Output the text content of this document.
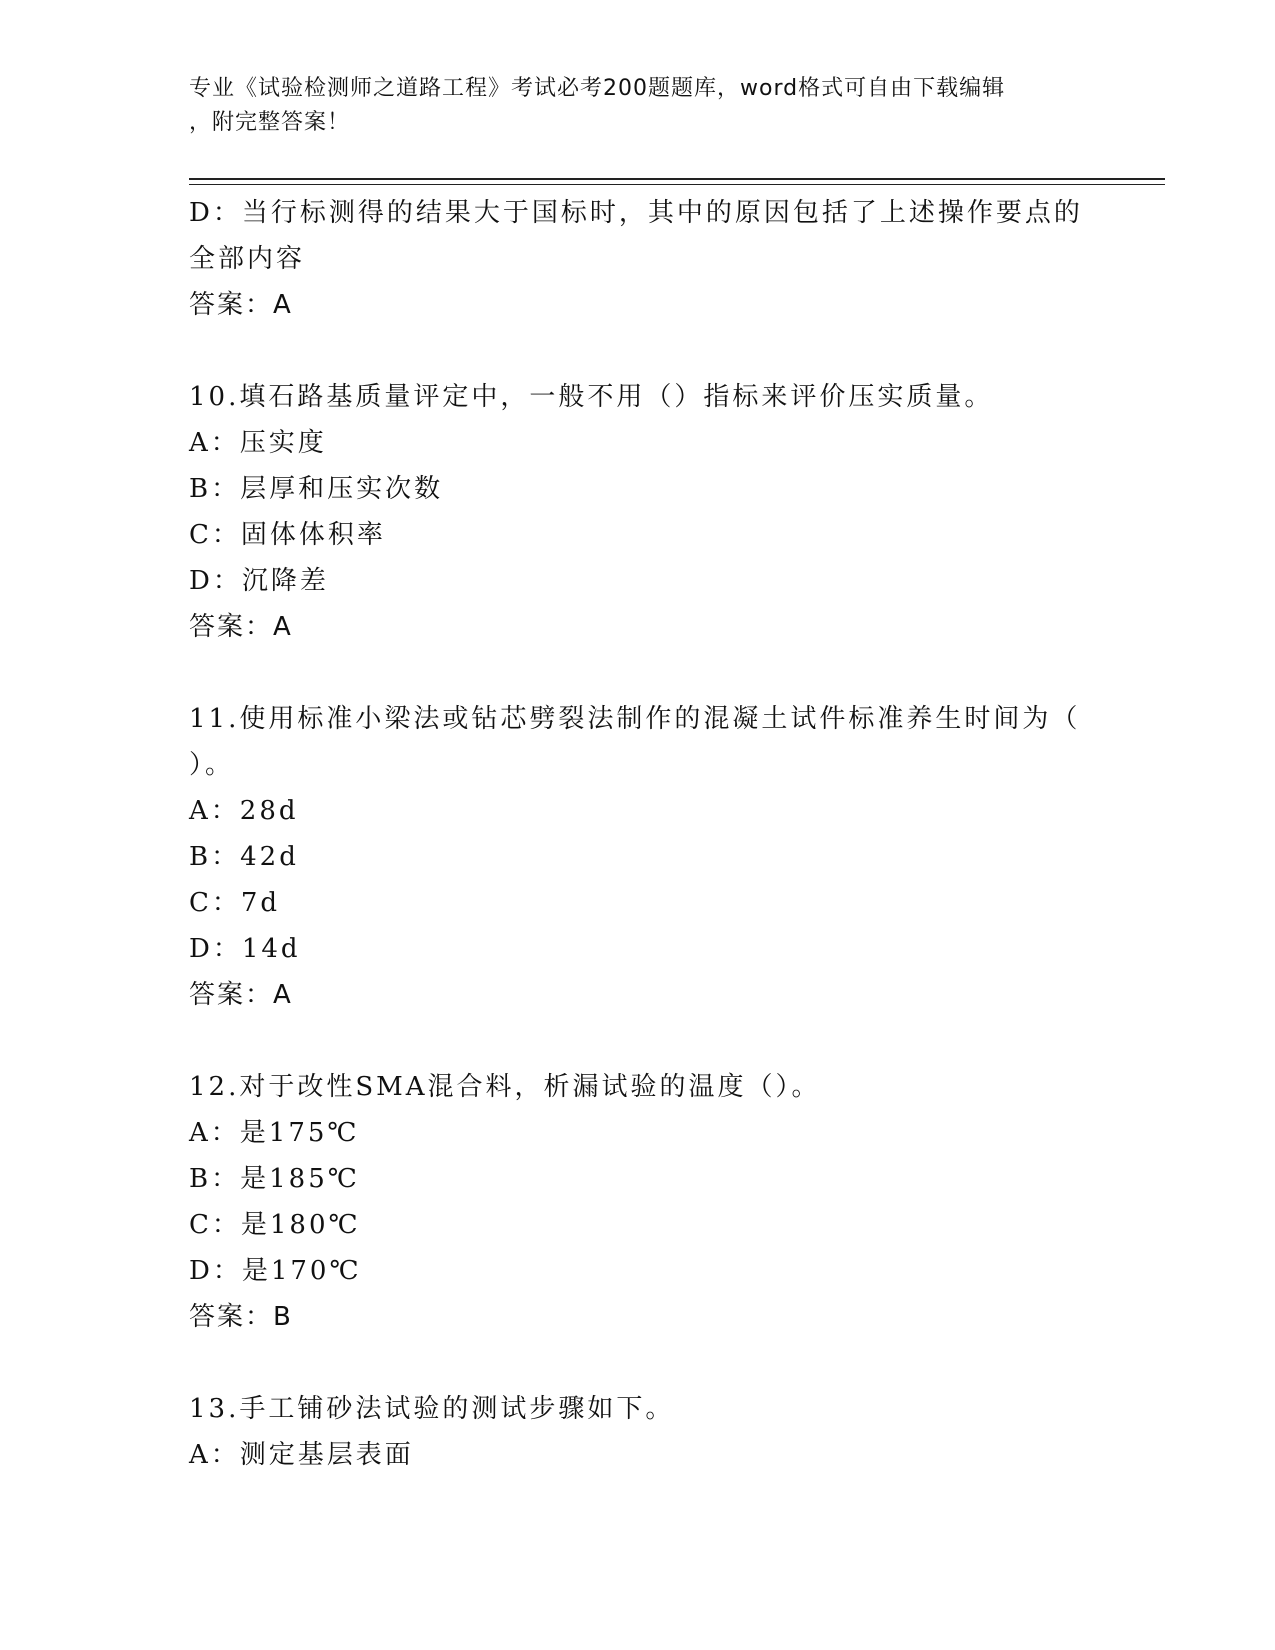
专业《试验检测师之道路工程》考试必考200题题库，word格式可自由下载编辑
，附完整答案！
D：当行标测得的结果大于国标时，其中的原因包括了上述操作要点的
全部内容
答案：A
10.填石路基质量评定中，一般不用（）指标来评价压实质量。
A：压实度
B：层厚和压实次数
C：固体体积率
D：沉降差
答案：A
11.使用标准小梁法或钻芯劈裂法制作的混凝土试件标准养生时间为（
）。
A：28d
B：42d
C：7d
D：14d
答案：A
12.对于改性SMA混合料，析漏试验的温度（）。
A：是175℃
B：是185℃
C：是180℃
D：是170℃
答案：B
13.手工铺砂法试验的测试步骤如下。
A：测定基层表面
